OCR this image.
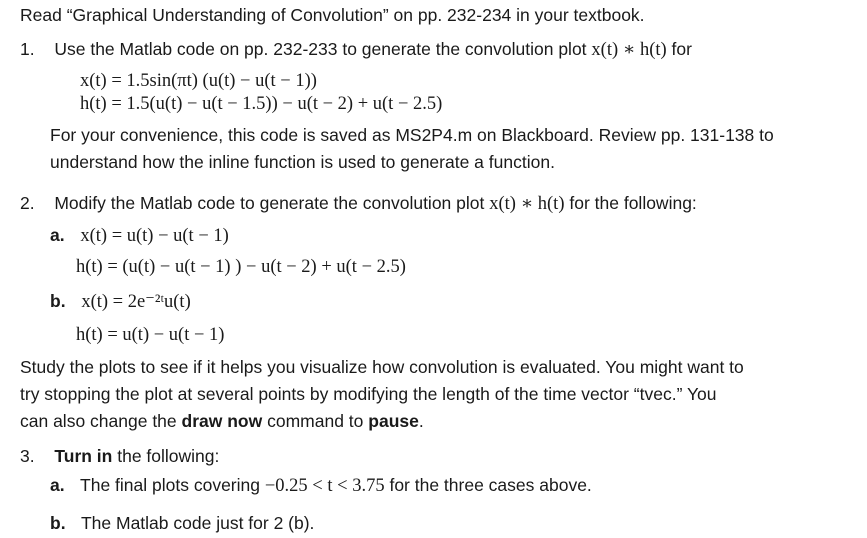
Read “Graphical Understanding of Convolution” on pp. 232-234 in your textbook.
1. Use the Matlab code on pp. 232-233 to generate the convolution plot x(t) ∗ h(t) for
x(t) = 1.5sin(πt) (u(t) − u(t − 1))
h(t) = 1.5(u(t) − u(t − 1.5)) − u(t − 2) + u(t − 2.5)
For your convenience, this code is saved as MS2P4.m on Blackboard. Review pp. 131-138 to
understand how the inline function is used to generate a function.
2. Modify the Matlab code to generate the convolution plot x(t) ∗ h(t) for the following:
a. x(t) = u(t) − u(t − 1)
h(t) = (u(t) − u(t − 1) ) − u(t − 2) + u(t − 2.5)
b. x(t) = 2e⁻²ᵗu(t)
h(t) = u(t) − u(t − 1)
Study the plots to see if it helps you visualize how convolution is evaluated. You might want to
try stopping the plot at several points by modifying the length of the time vector “tvec.” You
can also change the draw now command to pause.
3. Turn in the following:
a. The final plots covering −0.25 < t < 3.75 for the three cases above.
b. The Matlab code just for 2 (b).
